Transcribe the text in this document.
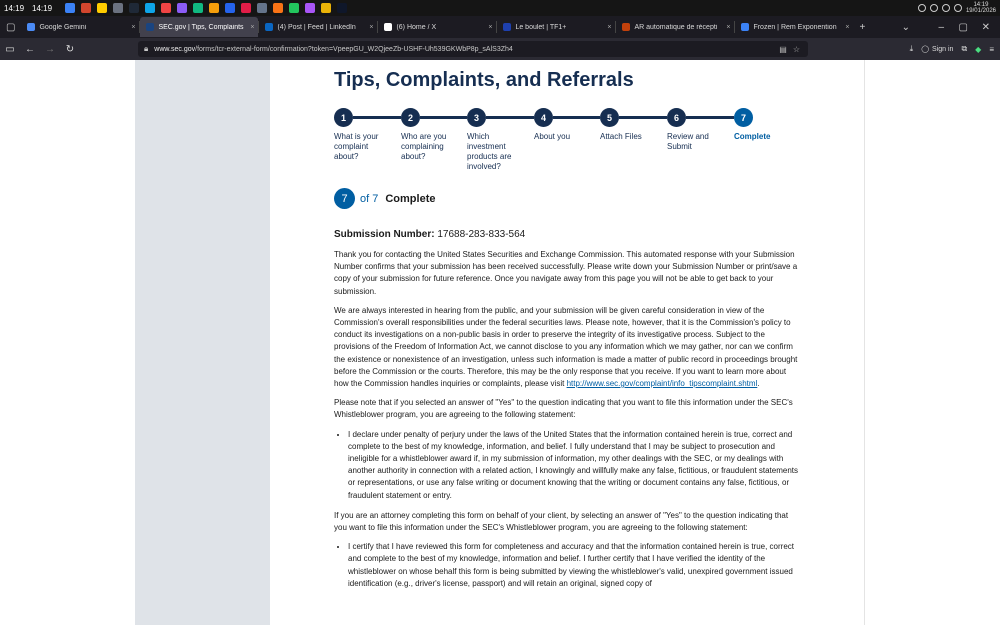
14:19	14:19	14:19
19/01/2026
▢	Google Gemini	×	SEC.gov | Tips, Complaints ×	(4) Post | Feed | LinkedIn ×	(6) Home / X	×	Le boulet | TF1+	×	AR automatique de récepti ×	Frozen | Rem Exponention ×	+	⌄	–	▢	✕
▭	←	→	↻	🔒︎ www.sec.gov /forms/tcr-external-form/confirmation?token=VpeepGU_W2QjeeZb-USHF-Uh539GKWbP8p_sAlS3Zh4	▤ ☆	⤓ ◯ Sign in ⧉ ◆ ≡
Tips, Complaints, and Referrals
1
What is your complaint about?
2
Who are you complaining about?
3
Which investment products are involved?
4
About you
5
Attach Files
6
Review and Submit
7
Complete
7	of 7 Complete
Submission Number: 17688-283-833-564

Thank you for contacting the United States Securities and Exchange Commission. This automated response with your Submission Number confirms that your submission has been received successfully. Please write down your Submission Number or print/save a copy of your submission for future reference. Once you navigate away from this page you will not be able to get back to your submission.

We are always interested in hearing from the public, and your submission will be given careful consideration in view of the Commission's overall responsibilities under the federal securities laws. Please note, however, that it is the Commission's policy to conduct its investigations on a non-public basis in order to preserve the integrity of its investigative process. Subject to the provisions of the Freedom of Information Act, we cannot disclose to you any information which we may gather, nor can we confirm the existence or nonexistence of an investigation, unless such information is made a matter of public record in proceedings brought before the Commission or the courts. Therefore, this may be the only response that you receive. If you want to learn more about how the Commission handles inquiries or complaints, please visit http://www.sec.gov/complaint/info_tipscomplaint.shtml.

Please note that if you selected an answer of "Yes" to the question indicating that you want to file this information under the SEC's Whistleblower program, you are agreeing to the following statement:

• I declare under penalty of perjury under the laws of the United States that the information contained herein is true, correct and complete to the best of my knowledge, information, and belief. I fully understand that I may be subject to prosecution and ineligible for a whistleblower award if, in my submission of information, my other dealings with the SEC, or my dealings with another authority in connection with a related action, I knowingly and willfully make any false, fictitious, or fraudulent statements or representations, or use any false writing or document knowing that the writing or document contains any false, fictitious, or fraudulent statement or entry.

If you are an attorney completing this form on behalf of your client, by selecting an answer of "Yes" to the question indicating that you want to file this information under the SEC's Whistleblower program, you are agreeing to the following statement:

• I certify that I have reviewed this form for completeness and accuracy and that the information contained herein is true, correct and complete to the best of my knowledge, information and belief. I further certify that I have verified the identity of the whistleblower on whose behalf this form is being submitted by viewing the whistleblower's valid, unexpired government issued identification (e.g., driver's license, passport) and will retain an original, signed copy of
